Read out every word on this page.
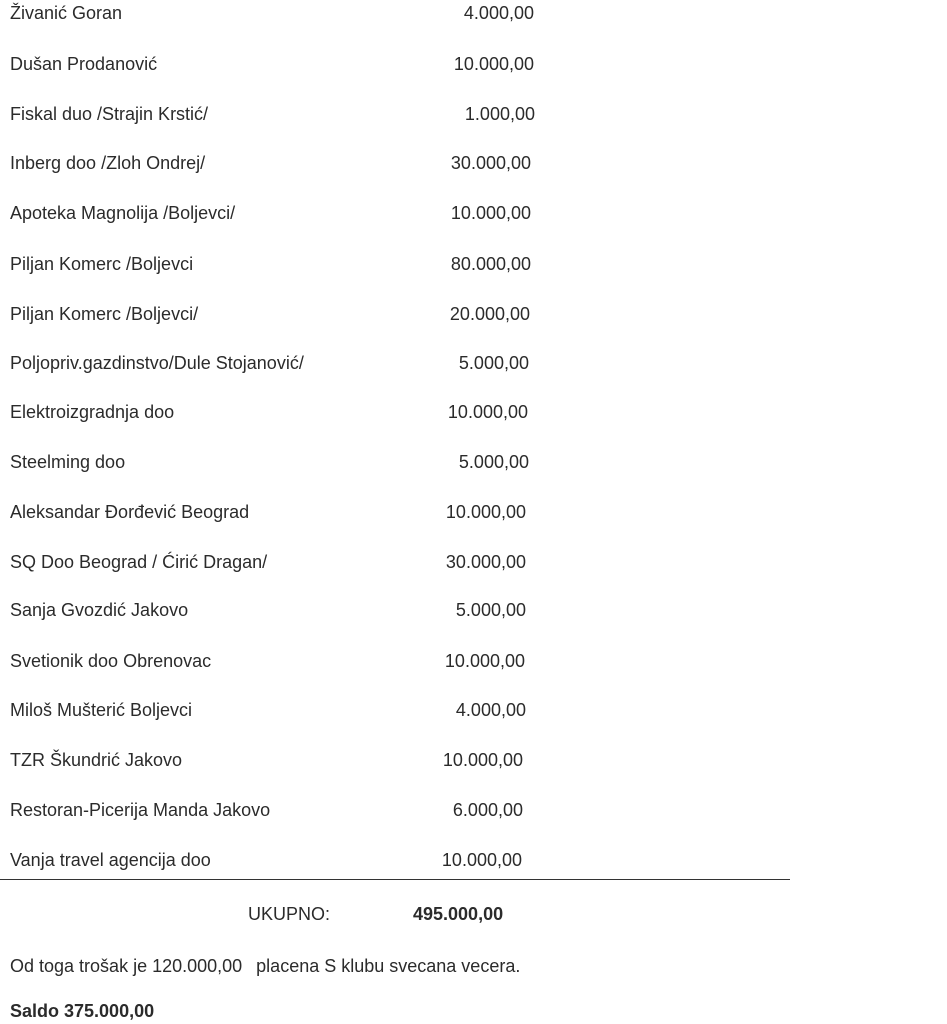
Živanić Goran	4.000,00
Dušan Prodanović	10.000,00
Fiskal duo /Strajin Krstić/	1.000,00
Inberg doo /Zloh Ondrej/	30.000,00
Apoteka Magnolija /Boljevci/	10.000,00
Piljan Komerc /Boljevci	80.000,00
Piljan Komerc /Boljevci/	20.000,00
Poljopriv.gazdinstvo/Dule Stojanović/	5.000,00
Elektroizgradnja doo	10.000,00
Steelming doo	5.000,00
Aleksandar Đorđević Beograd	10.000,00
SQ Doo Beograd / Ćirić Dragan/	30.000,00
Sanja Gvozdić Jakovo	5.000,00
Svetionik doo Obrenovac	10.000,00
Miloš Mušterić Boljevci	4.000,00
TZR Škundrić Jakovo	10.000,00
Restoran-Picerija Manda Jakovo	6.000,00
Vanja travel agencija doo	10.000,00
UKUPNO:	495.000,00
Od toga trošak je 120.000,00 placena S klubu svecana vecera.
Saldo 375.000,00
